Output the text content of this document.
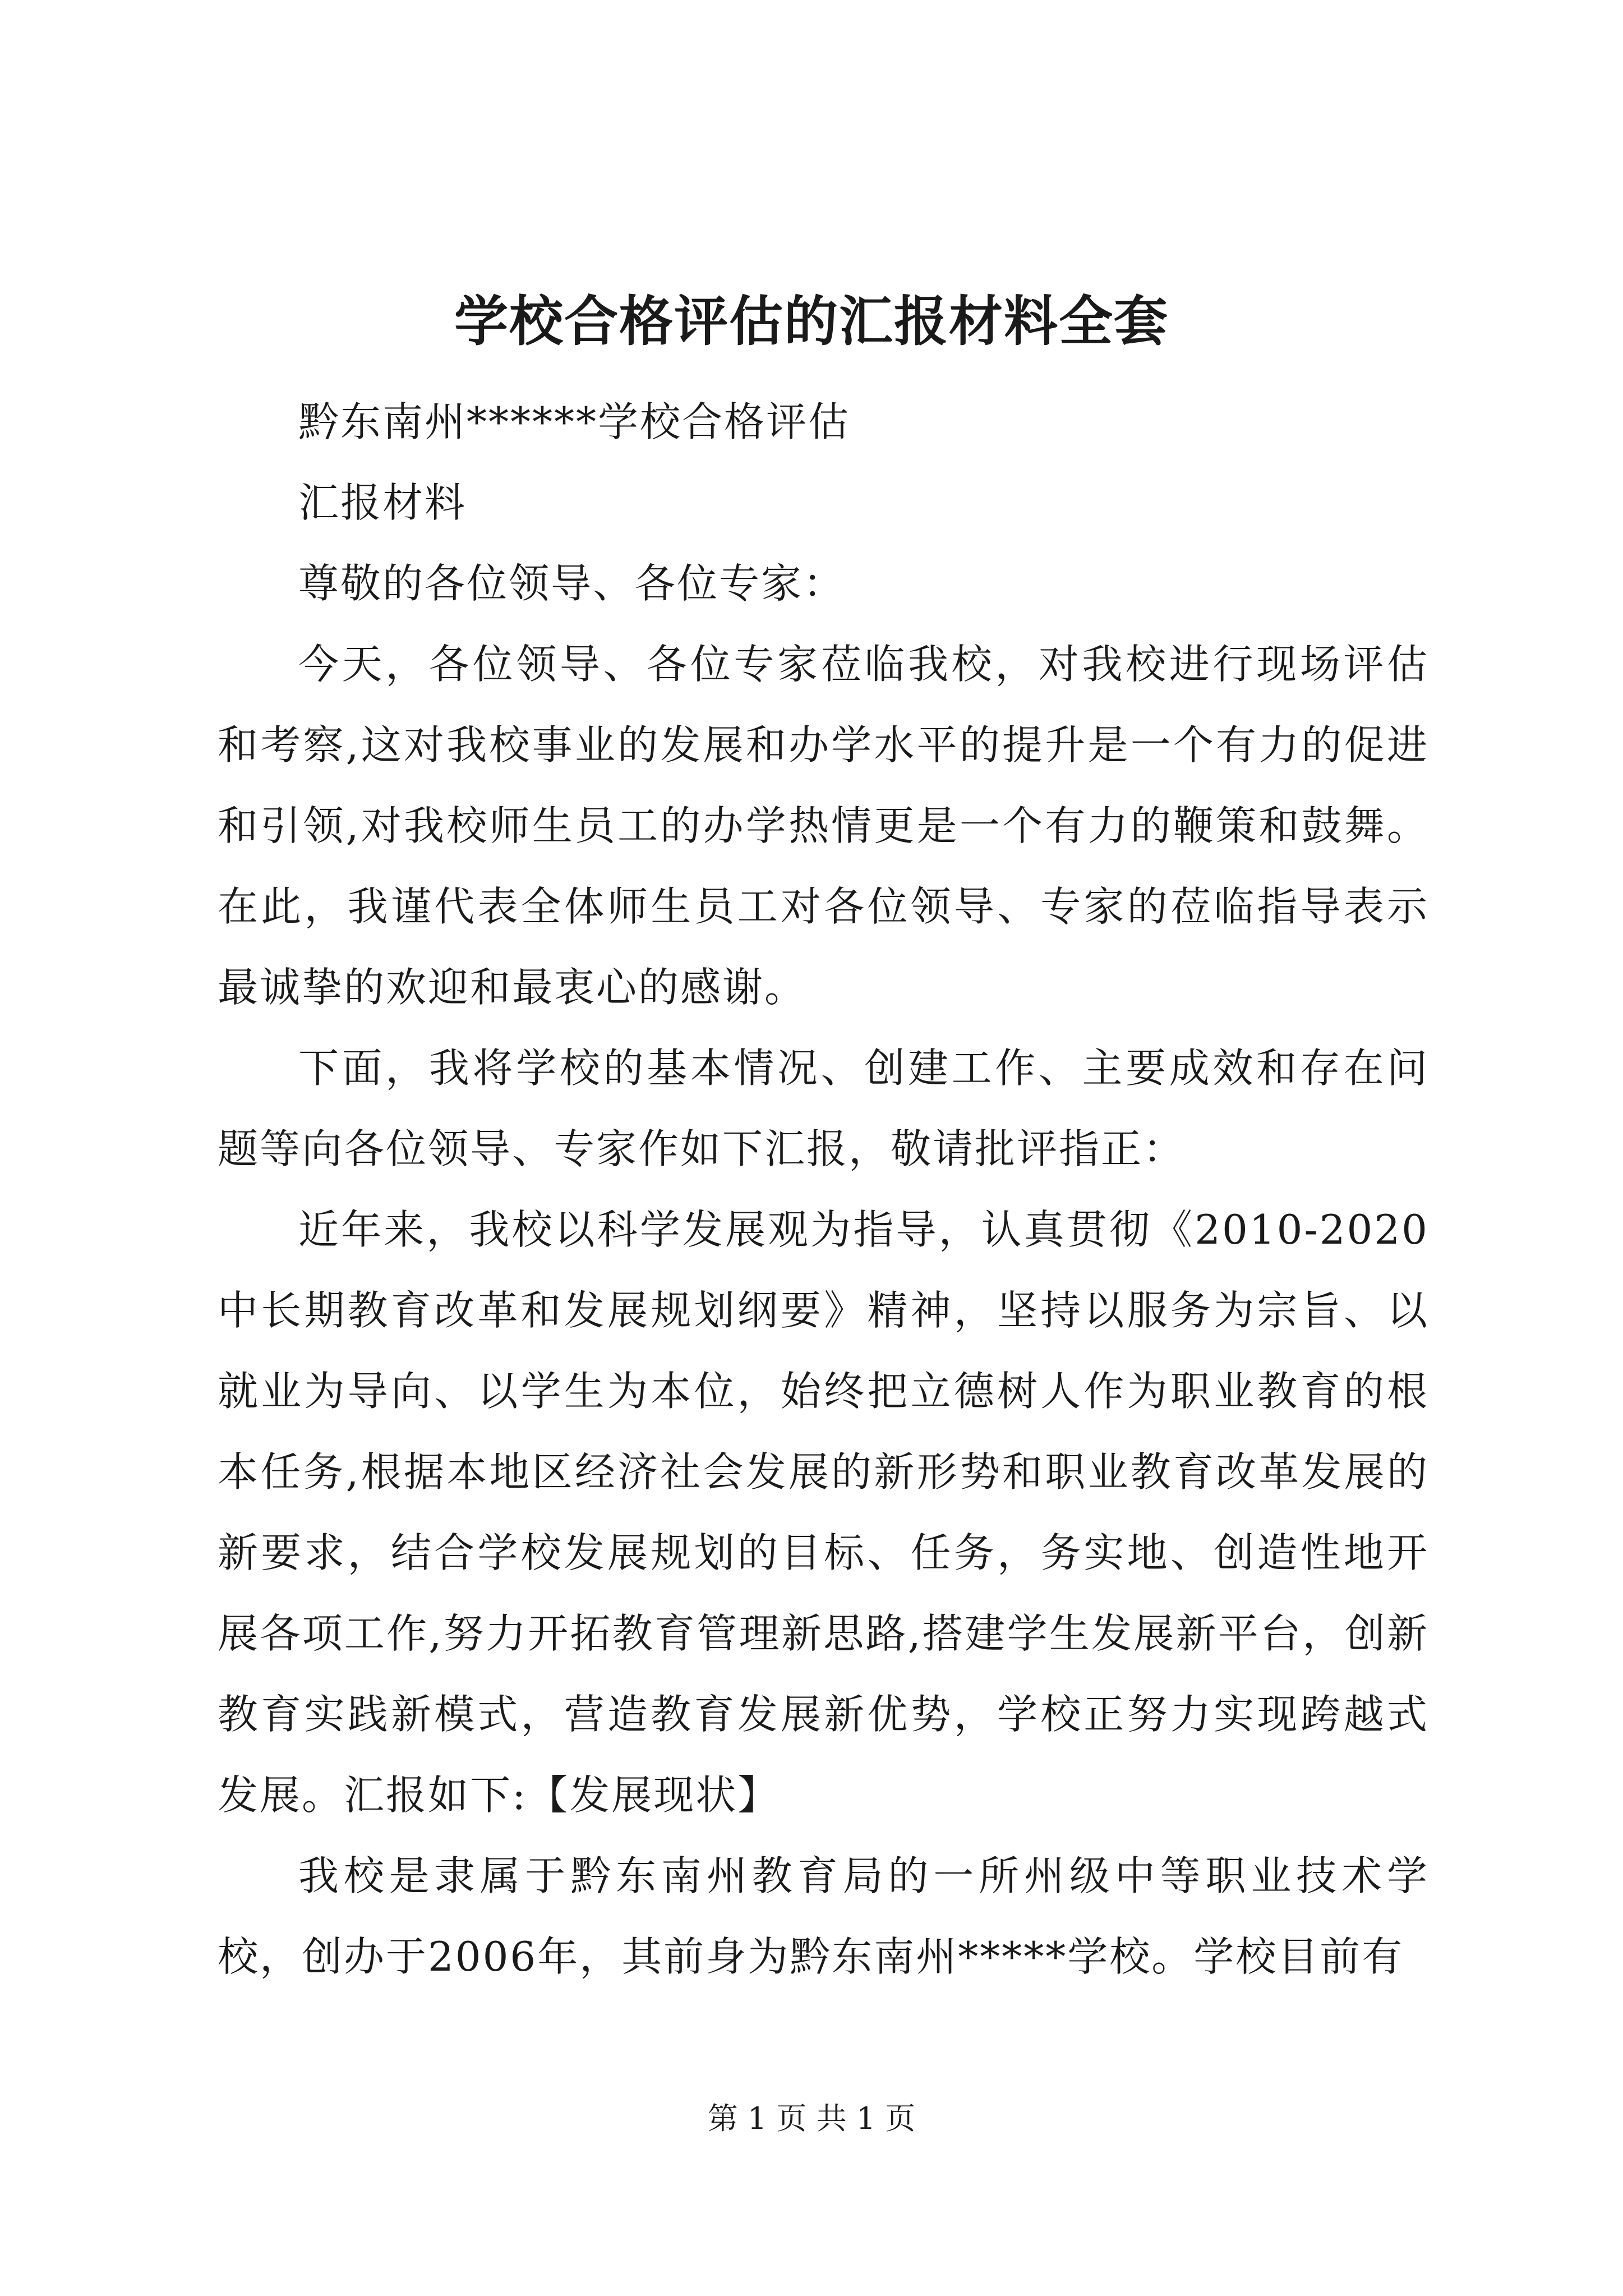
学校合格评估的汇报材料全套

黔东南州******学校合格评估

汇报材料

尊敬的各位领导、各位专家：

今天，各位领导、各位专家莅临我校，对我校进行现场评估和考察,这对我校事业的发展和办学水平的提升是一个有力的促进和引领,对我校师生员工的办学热情更是一个有力的鞭策和鼓舞。在此，我谨代表全体师生员工对各位领导、专家的莅临指导表示最诚挚的欢迎和最衷心的感谢。

下面，我将学校的基本情况、创建工作、主要成效和存在问题等向各位领导、专家作如下汇报，敬请批评指正：

近年来，我校以科学发展观为指导，认真贯彻《2010-2020中长期教育改革和发展规划纲要》精神，坚持以服务为宗旨、以就业为导向、以学生为本位，始终把立德树人作为职业教育的根本任务,根据本地区经济社会发展的新形势和职业教育改革发展的新要求，结合学校发展规划的目标、任务，务实地、创造性地开展各项工作,努力开拓教育管理新思路,搭建学生发展新平台，创新教育实践新模式，营造教育发展新优势，学校正努力实现跨越式发展。汇报如下:【发展现状】

我校是隶属于黔东南州教育局的一所州级中等职业技术学校，创办于2006年，其前身为黔东南州*****学校。学校目前有

第 1 页 共 1 页
